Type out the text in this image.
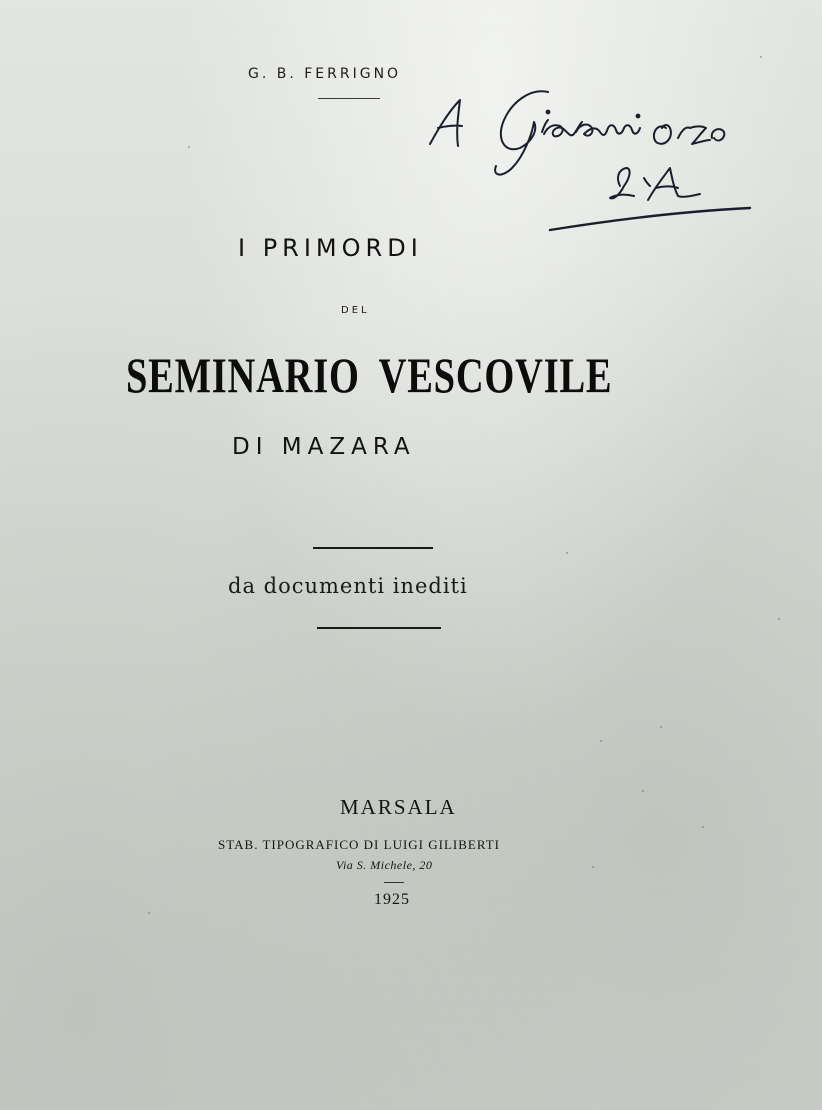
G. B. FERRIGNO
I PRIMORDI
DEL
SEMINARIO VESCOVILE
DI MAZARA
da documenti inediti
MARSALA
STAB. TIPOGRAFICO DI LUIGI GILIBERTI
Via S. Michele, 20
1925
